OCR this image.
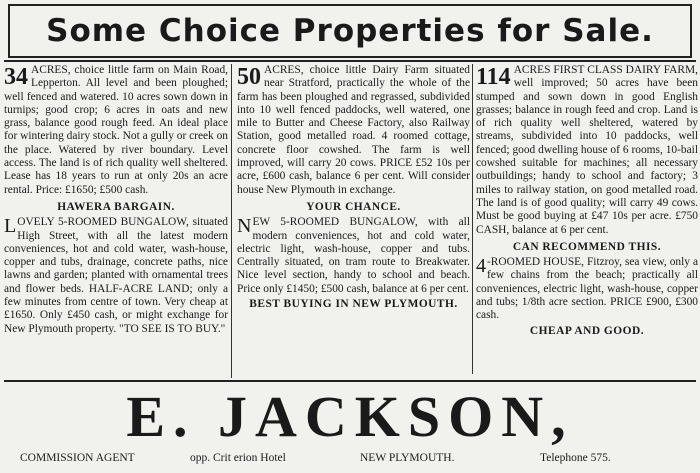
Some Choice Properties for Sale.

34 ACRES, choice little farm on Main Road, Lepperton. All level and been ploughed; well fenced and watered. 10 acres sown down in turnips; good crop; 6 acres in oats and new grass, balance good rough feed. An ideal place for wintering dairy stock. Not a gully or creek on the place. Watered by river boundary. Level access. The land is of rich quality well sheltered. Lease has 18 years to run at only 20s an acre rental. Price: £1650; £500 cash.

HAWERA BARGAIN.

L OVELY 5-ROOMED BUNGALOW, situated High Street, with all the latest modern conveniences, hot and cold water, wash-house, copper and tubs, drainage, concrete paths, nice lawns and garden; planted with ornamental trees and flower beds. HALF-ACRE LAND; only a few minutes from centre of town. Very cheap at £1650. Only £450 cash, or might exchange for New Plymouth property. "TO SEE IS TO BUY."

50 ACRES, choice little Dairy Farm situated near Stratford, practically the whole of the farm has been ploughed and regrassed, subdivided into 10 well fenced paddocks, well watered, one mile to Butter and Cheese Factory, also Railway Station, good metalled road. 4 roomed cottage, concrete floor cowshed. The farm is well improved, will carry 20 cows. PRICE £52 10s per acre, £600 cash, balance 6 per cent. Will consider house New Plymouth in exchange.

YOUR CHANCE.

N EW 5-ROOMED BUNGALOW, with all modern conveniences, hot and cold water, electric light, wash-house, copper and tubs. Centrally situated, on tram route to Breakwater. Nice level section, handy to school and beach. Price only £1450; £500 cash, balance at 6 per cent.

BEST BUYING IN NEW PLYMOUTH.

114 ACRES FIRST CLASS DAIRY FARM, well improved; 50 acres have been stumped and sown down in good English grasses; balance in rough feed and crop. Land is of rich quality well sheltered, watered by streams, subdivided into 10 paddocks, well fenced; good dwelling house of 6 rooms, 10-bail cowshed suitable for machines; all necessary outbuildings; handy to school and factory; 3 miles to railway station, on good metalled road. The land is of good quality; will carry 49 cows. Must be good buying at £47 10s per acre. £750 CASH, balance at 6 per cent.

CAN RECOMMEND THIS.

4 -ROOMED HOUSE, Fitzroy, sea view, only a few chains from the beach; practically all conveniences, electric light, wash-house, copper and tubs; 1/8th acre section. PRICE £900, £300 cash.

CHEAP AND GOOD.
E. JACKSON,
COMMISSION AGENT	opp. Crit erion Hotel	NEW PLYMOUTH.	Telephone 575.
